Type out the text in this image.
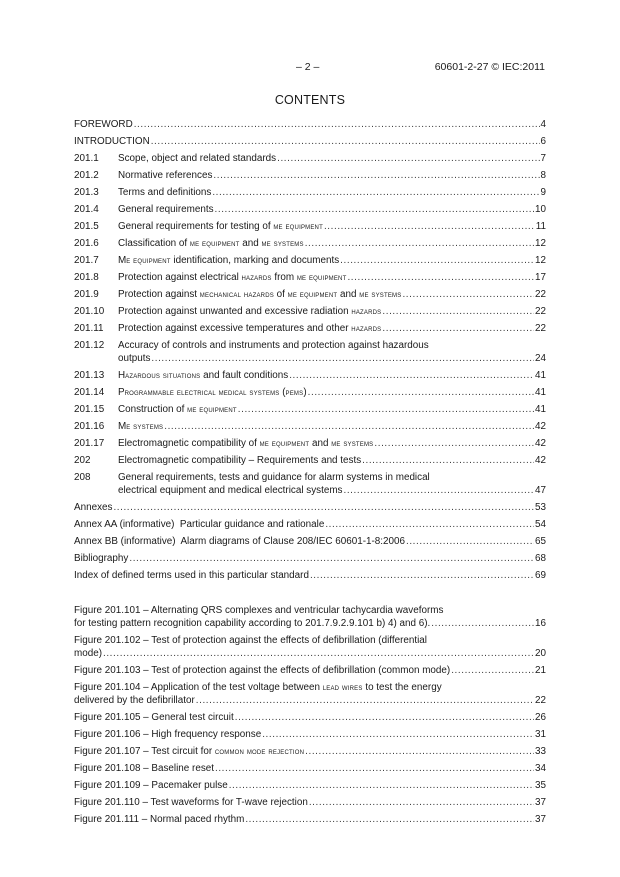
– 2 –	60601-2-27 © IEC:2011
CONTENTS
FOREWORD .....	4
INTRODUCTION .....	6
201.1	Scope, object and related standards .....	7
201.2	Normative references .....	8
201.3	Terms and definitions .....	9
201.4	General requirements .....	10
201.5	General requirements for testing of me equipment .....	11
201.6	Classification of me equipment and me systems .....	12
201.7	Me equipment identification, marking and documents .....	12
201.8	Protection against electrical hazards from me equipment .....	17
201.9	Protection against mechanical hazards of me equipment and me systems .....	22
201.10	Protection against unwanted and excessive radiation hazards .....	22
201.11	Protection against excessive temperatures and other hazards .....	22
201.12	Accuracy of controls and instruments and protection against hazardous
outputs .....	24
201.13	Hazardous situations and fault conditions .....	41
201.14	Programmable electrical medical systems (pems) .....	41
201.15	Construction of me equipment .....	41
201.16	Me systems .....	42
201.17	Electromagnetic compatibility of me equipment and me systems .....	42
202	Electromagnetic compatibility – Requirements and tests .....	42
208	General requirements, tests and guidance for alarm systems in medical
electrical equipment and medical electrical systems .....	47
Annexes .....	53
Annex AA (informative)  Particular guidance and rationale .....	54
Annex BB (informative)  Alarm diagrams of Clause 208/IEC 60601-1-8:2006 .....	65
Bibliography .....	68
Index of defined terms used in this particular standard .....	69
Figure 201.101 – Alternating QRS complexes and ventricular tachycardia waveforms
for testing pattern recognition capability according to 201.7.9.2.9.101 b) 4) and 6). .....	16
Figure 201.102 – Test of protection against the effects of defibrillation (differential
mode) .....	20
Figure 201.103 – Test of protection against the effects of defibrillation (common mode) .....	21
Figure 201.104 – Application of the test voltage between lead wires to test the energy
delivered by the defibrillator .....	22
Figure 201.105 – General test circuit .....	26
Figure 201.106 – High frequency response .....	31
Figure 201.107 – Test circuit for common mode rejection .....	33
Figure 201.108 – Baseline reset .....	34
Figure 201.109 – Pacemaker pulse .....	35
Figure 201.110 – Test waveforms for T-wave rejection .....	37
Figure 201.111 – Normal paced rhythm .....	37
